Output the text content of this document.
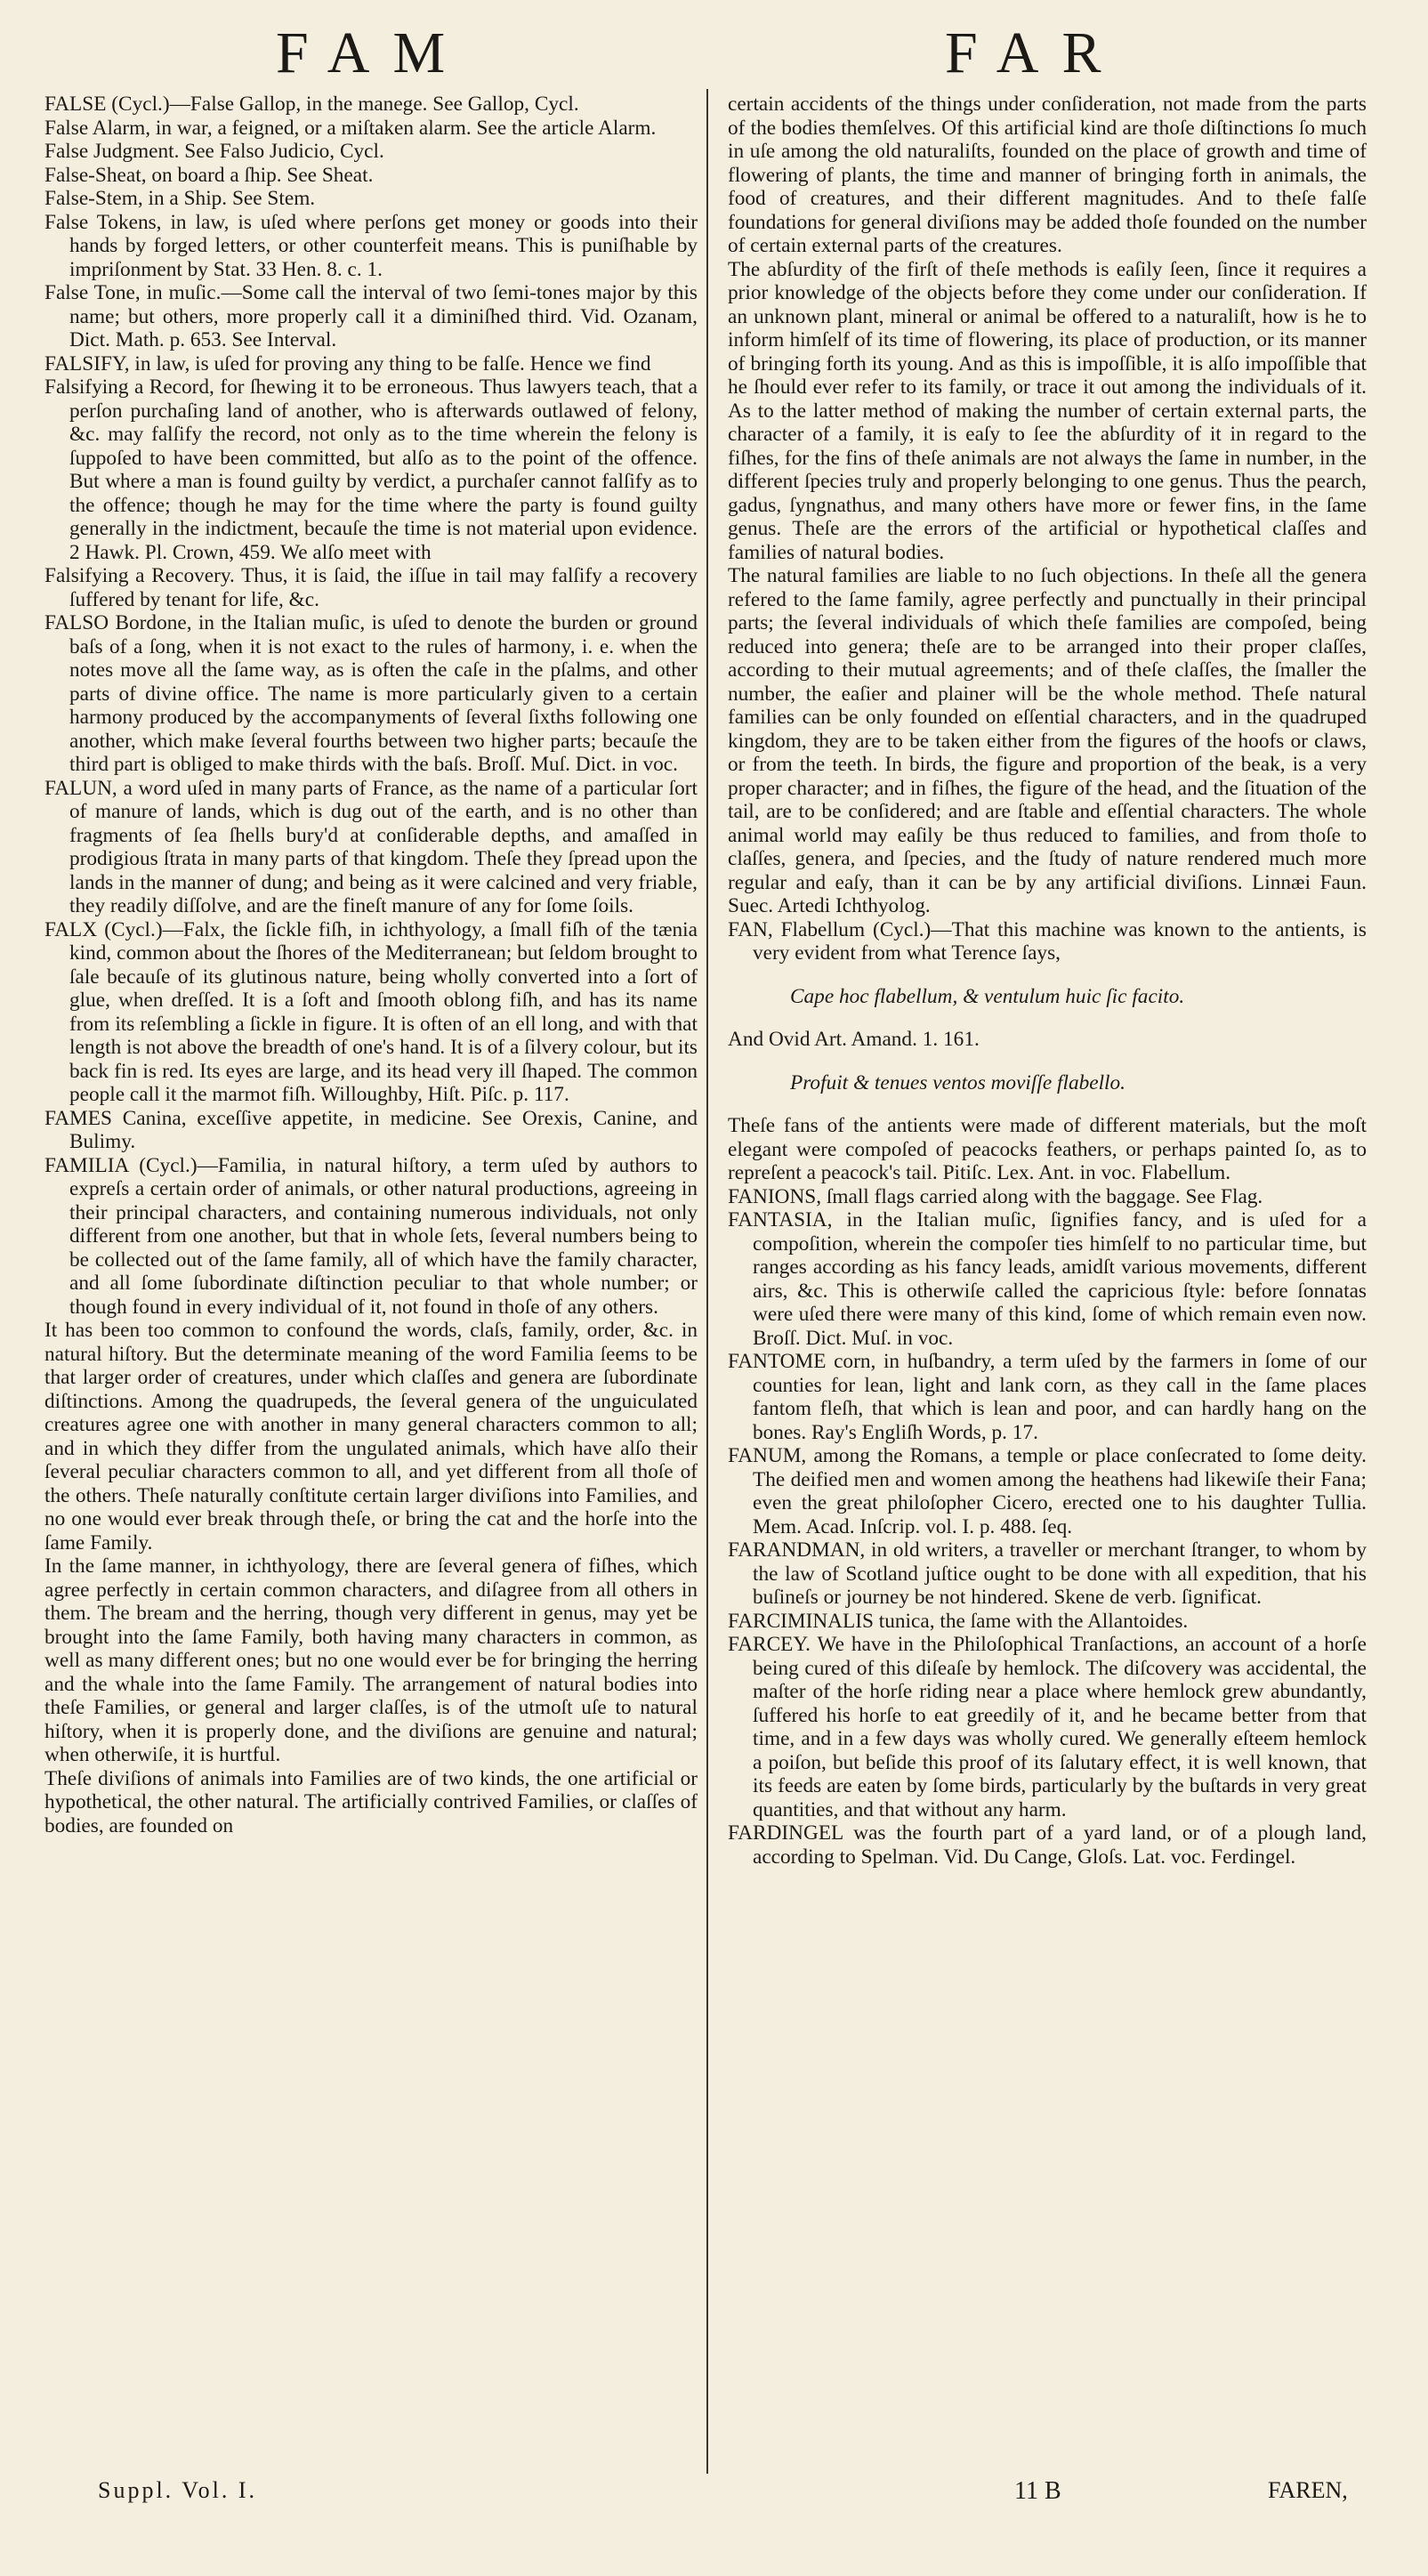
FAM	FAR

FALSE (Cycl.)—False Gallop, in the manege. See Gallop, Cycl.

False Alarm, in war, a feigned, or a miſtaken alarm. See the article Alarm.

False Judgment. See Falso Judicio, Cycl.

False-Sheat, on board a ſhip. See Sheat.

False-Stem, in a Ship. See Stem.

False Tokens, in law, is uſed where perſons get money or goods into their hands by forged letters, or other counterfeit means. This is puniſhable by impriſonment by Stat. 33 Hen. 8. c. 1.

False Tone, in muſic.—Some call the interval of two ſemi-tones major by this name; but others, more properly call it a diminiſhed third. Vid. Ozanam, Dict. Math. p. 653. See Interval.

FALSIFY, in law, is uſed for proving any thing to be falſe. Hence we find

Falsifying a Record, for ſhewing it to be erroneous. Thus lawyers teach, that a perſon purchaſing land of another, who is afterwards outlawed of felony, &c. may falſify the record, not only as to the time wherein the felony is ſuppoſed to have been committed, but alſo as to the point of the offence. But where a man is found guilty by verdict, a purchaſer cannot falſify as to the offence; though he may for the time where the party is found guilty generally in the indictment, becauſe the time is not material upon evidence. 2 Hawk. Pl. Crown, 459. We alſo meet with

Falsifying a Recovery. Thus, it is ſaid, the iſſue in tail may falſify a recovery ſuffered by tenant for life, &c.

FALSO Bordone, in the Italian muſic, is uſed to denote the burden or ground baſs of a ſong, when it is not exact to the rules of harmony, i. e. when the notes move all the ſame way, as is often the caſe in the pſalms, and other parts of divine office. The name is more particularly given to a certain harmony produced by the accompanyments of ſeveral ſixths following one another, which make ſeveral fourths between two higher parts; becauſe the third part is obliged to make thirds with the baſs. Broſſ. Muſ. Dict. in voc.

FALUN, a word uſed in many parts of France, as the name of a particular ſort of manure of lands, which is dug out of the earth, and is no other than fragments of ſea ſhells bury'd at conſiderable depths, and amaſſed in prodigious ſtrata in many parts of that kingdom. Theſe they ſpread upon the lands in the manner of dung; and being as it were calcined and very friable, they readily diſſolve, and are the fineſt manure of any for ſome ſoils.

FALX (Cycl.)—Falx, the ſickle fiſh, in ichthyology, a ſmall fiſh of the tænia kind, common about the ſhores of the Mediterranean; but ſeldom brought to ſale becauſe of its glutinous nature, being wholly converted into a ſort of glue, when dreſſed. It is a ſoft and ſmooth oblong fiſh, and has its name from its reſembling a ſickle in figure. It is often of an ell long, and with that length is not above the breadth of one's hand. It is of a ſilvery colour, but its back fin is red. Its eyes are large, and its head very ill ſhaped. The common people call it the marmot fiſh. Willoughby, Hiſt. Piſc. p. 117.

FAMES Canina, exceſſive appetite, in medicine. See Orexis, Canine, and Bulimy.

FAMILIA (Cycl.)—Familia, in natural hiſtory, a term uſed by authors to expreſs a certain order of animals, or other natural productions, agreeing in their principal characters, and containing numerous individuals, not only different from one another, but that in whole ſets, ſeveral numbers being to be collected out of the ſame family, all of which have the family character, and all ſome ſubordinate diſtinction peculiar to that whole number; or though found in every individual of it, not found in thoſe of any others.

It has been too common to confound the words, claſs, family, order, &c. in natural hiſtory. But the determinate meaning of the word Familia ſeems to be that larger order of creatures, under which claſſes and genera are ſubordinate diſtinctions. Among the quadrupeds, the ſeveral genera of the unguiculated creatures agree one with another in many general characters common to all; and in which they differ from the ungulated animals, which have alſo their ſeveral peculiar characters common to all, and yet different from all thoſe of the others. Theſe naturally conſtitute certain larger diviſions into Families, and no one would ever break through theſe, or bring the cat and the horſe into the ſame Family.

In the ſame manner, in ichthyology, there are ſeveral genera of fiſhes, which agree perfectly in certain common characters, and diſagree from all others in them. The bream and the herring, though very different in genus, may yet be brought into the ſame Family, both having many characters in common, as well as many different ones; but no one would ever be for bringing the herring and the whale into the ſame Family. The arrangement of natural bodies into theſe Families, or general and larger claſſes, is of the utmoſt uſe to natural hiſtory, when it is properly done, and the diviſions are genuine and natural; when otherwiſe, it is hurtful.

Theſe diviſions of animals into Families are of two kinds, the one artificial or hypothetical, the other natural. The artificially contrived Families, or claſſes of bodies, are founded on

certain accidents of the things under conſideration, not made from the parts of the bodies themſelves. Of this artificial kind are thoſe diſtinctions ſo much in uſe among the old naturaliſts, founded on the place of growth and time of flowering of plants, the time and manner of bringing forth in animals, the food of creatures, and their different magnitudes. And to theſe falſe foundations for general diviſions may be added thoſe founded on the number of certain external parts of the creatures.

The abſurdity of the firſt of theſe methods is eaſily ſeen, ſince it requires a prior knowledge of the objects before they come under our conſideration. If an unknown plant, mineral or animal be offered to a naturaliſt, how is he to inform himſelf of its time of flowering, its place of production, or its manner of bringing forth its young. And as this is impoſſible, it is alſo impoſſible that he ſhould ever refer to its family, or trace it out among the individuals of it. As to the latter method of making the number of certain external parts, the character of a family, it is eaſy to ſee the abſurdity of it in regard to the fiſhes, for the fins of theſe animals are not always the ſame in number, in the different ſpecies truly and properly belonging to one genus. Thus the pearch, gadus, ſyngnathus, and many others have more or fewer fins, in the ſame genus. Theſe are the errors of the artificial or hypothetical claſſes and families of natural bodies.

The natural families are liable to no ſuch objections. In theſe all the genera refered to the ſame family, agree perfectly and punctually in their principal parts; the ſeveral individuals of which theſe families are compoſed, being reduced into genera; theſe are to be arranged into their proper claſſes, according to their mutual agreements; and of theſe claſſes, the ſmaller the number, the eaſier and plainer will be the whole method. Theſe natural families can be only founded on eſſential characters, and in the quadruped kingdom, they are to be taken either from the figures of the hoofs or claws, or from the teeth. In birds, the figure and proportion of the beak, is a very proper character; and in fiſhes, the figure of the head, and the ſituation of the tail, are to be conſidered; and are ſtable and eſſential characters. The whole animal world may eaſily be thus reduced to families, and from thoſe to claſſes, genera, and ſpecies, and the ſtudy of nature rendered much more regular and eaſy, than it can be by any artificial diviſions. Linnæi Faun. Suec. Artedi Ichthyolog.

FAN, Flabellum (Cycl.)—That this machine was known to the antients, is very evident from what Terence ſays,

Cape hoc flabellum, & ventulum huic ſic facito.

And Ovid Art. Amand. 1. 161.

Profuit & tenues ventos moviſſe flabello.

Theſe fans of the antients were made of different materials, but the moſt elegant were compoſed of peacocks feathers, or perhaps painted ſo, as to repreſent a peacock's tail. Pitiſc. Lex. Ant. in voc. Flabellum.

FANIONS, ſmall flags carried along with the baggage. See Flag.

FANTASIA, in the Italian muſic, ſignifies fancy, and is uſed for a compoſition, wherein the compoſer ties himſelf to no particular time, but ranges according as his fancy leads, amidſt various movements, different airs, &c. This is otherwiſe called the capricious ſtyle: before ſonnatas were uſed there were many of this kind, ſome of which remain even now. Broſſ. Dict. Muſ. in voc.

FANTOME corn, in huſbandry, a term uſed by the farmers in ſome of our counties for lean, light and lank corn, as they call in the ſame places fantom fleſh, that which is lean and poor, and can hardly hang on the bones. Ray's Engliſh Words, p. 17.

FANUM, among the Romans, a temple or place conſecrated to ſome deity. The deified men and women among the heathens had likewiſe their Fana; even the great philoſopher Cicero, erected one to his daughter Tullia. Mem. Acad. Inſcrip. vol. I. p. 488. ſeq.

FARANDMAN, in old writers, a traveller or merchant ſtranger, to whom by the law of Scotland juſtice ought to be done with all expedition, that his buſineſs or journey be not hindered. Skene de verb. ſignificat.

FARCIMINALIS tunica, the ſame with the Allantoides.

FARCEY. We have in the Philoſophical Tranſactions, an account of a horſe being cured of this diſeaſe by hemlock. The diſcovery was accidental, the maſter of the horſe riding near a place where hemlock grew abundantly, ſuffered his horſe to eat greedily of it, and he became better from that time, and in a few days was wholly cured. We generally eſteem hemlock a poiſon, but beſide this proof of its ſalutary effect, it is well known, that its feeds are eaten by ſome birds, particularly by the buſtards in very great quantities, and that without any harm.

FARDINGEL was the fourth part of a yard land, or of a plough land, according to Spelman. Vid. Du Cange, Gloſs. Lat. voc. Ferdingel.

Suppl. Vol. I.	11 B	FAREN,
